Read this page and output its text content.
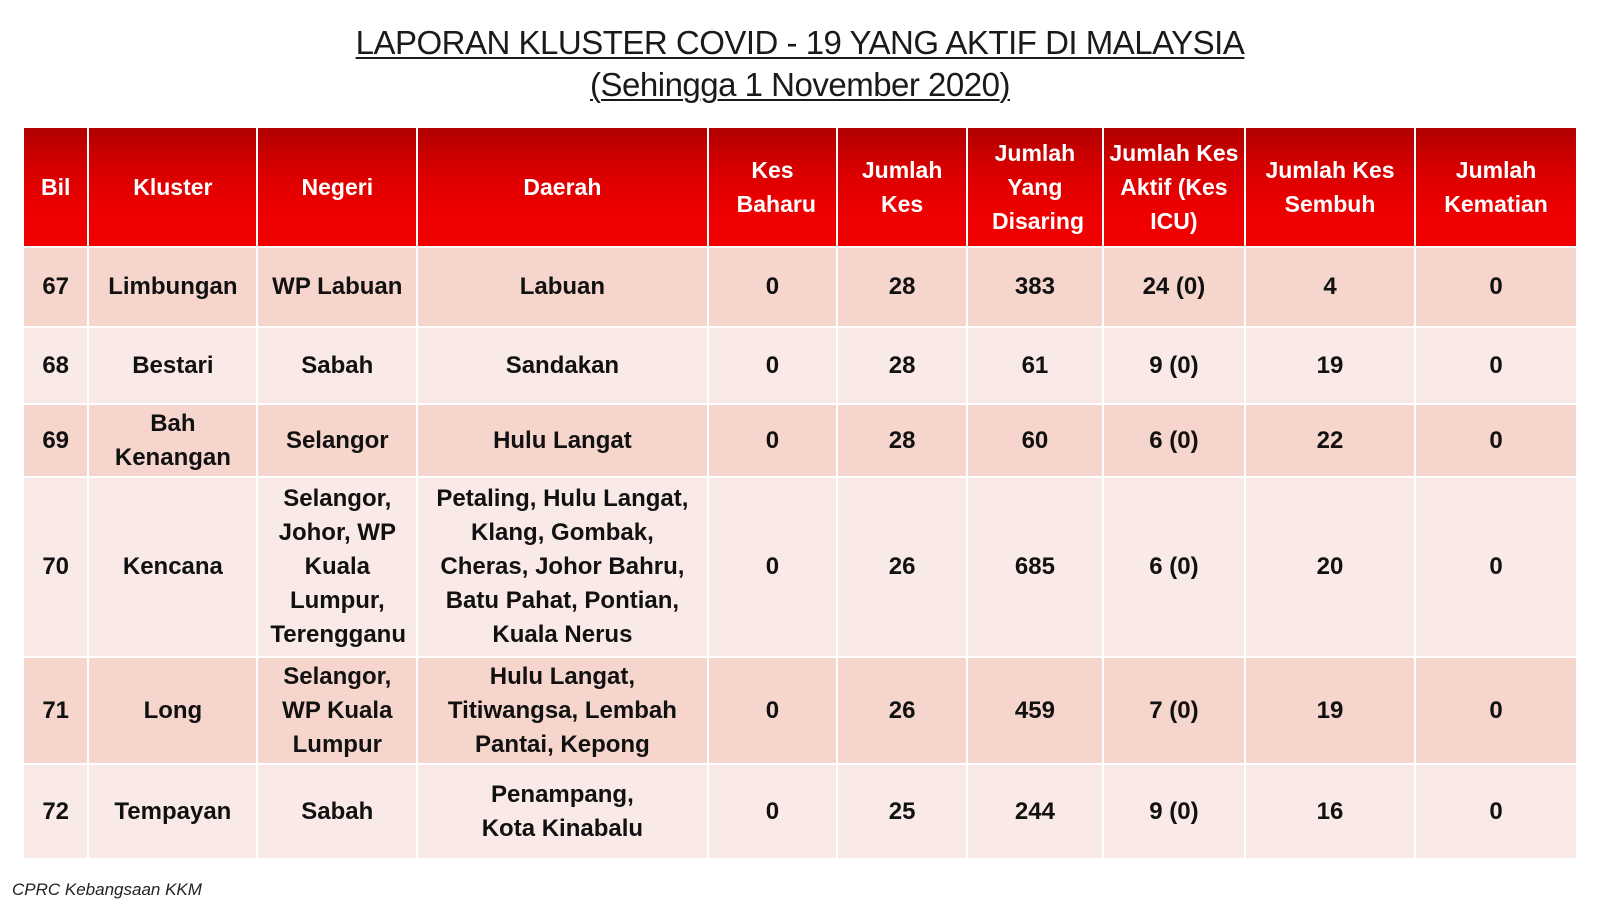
LAPORAN KLUSTER COVID - 19 YANG AKTIF DI MALAYSIA
(Sehingga 1 November 2020)
Bil	Kluster	Negeri	Daerah	Kes Baharu	Jumlah Kes	Jumlah Yang Disaring	Jumlah Kes Aktif (Kes ICU)	Jumlah Kes Sembuh	Jumlah Kematian
67	Limbungan	WP Labuan	Labuan	0	28	383	24 (0)	4	0
68	Bestari	Sabah	Sandakan	0	28	61	9 (0)	19	0
69	Bah Kenangan	Selangor	Hulu Langat	0	28	60	6 (0)	22	0
70	Kencana	Selangor, Johor, WP Kuala Lumpur, Terengganu	Petaling, Hulu Langat, Klang, Gombak, Cheras, Johor Bahru, Batu Pahat, Pontian, Kuala Nerus	0	26	685	6 (0)	20	0
71	Long	Selangor, WP Kuala Lumpur	Hulu Langat, Titiwangsa, Lembah Pantai, Kepong	0	26	459	7 (0)	19	0
72	Tempayan	Sabah	Penampang, Kota Kinabalu	0	25	244	9 (0)	16	0
CPRC Kebangsaan KKM
